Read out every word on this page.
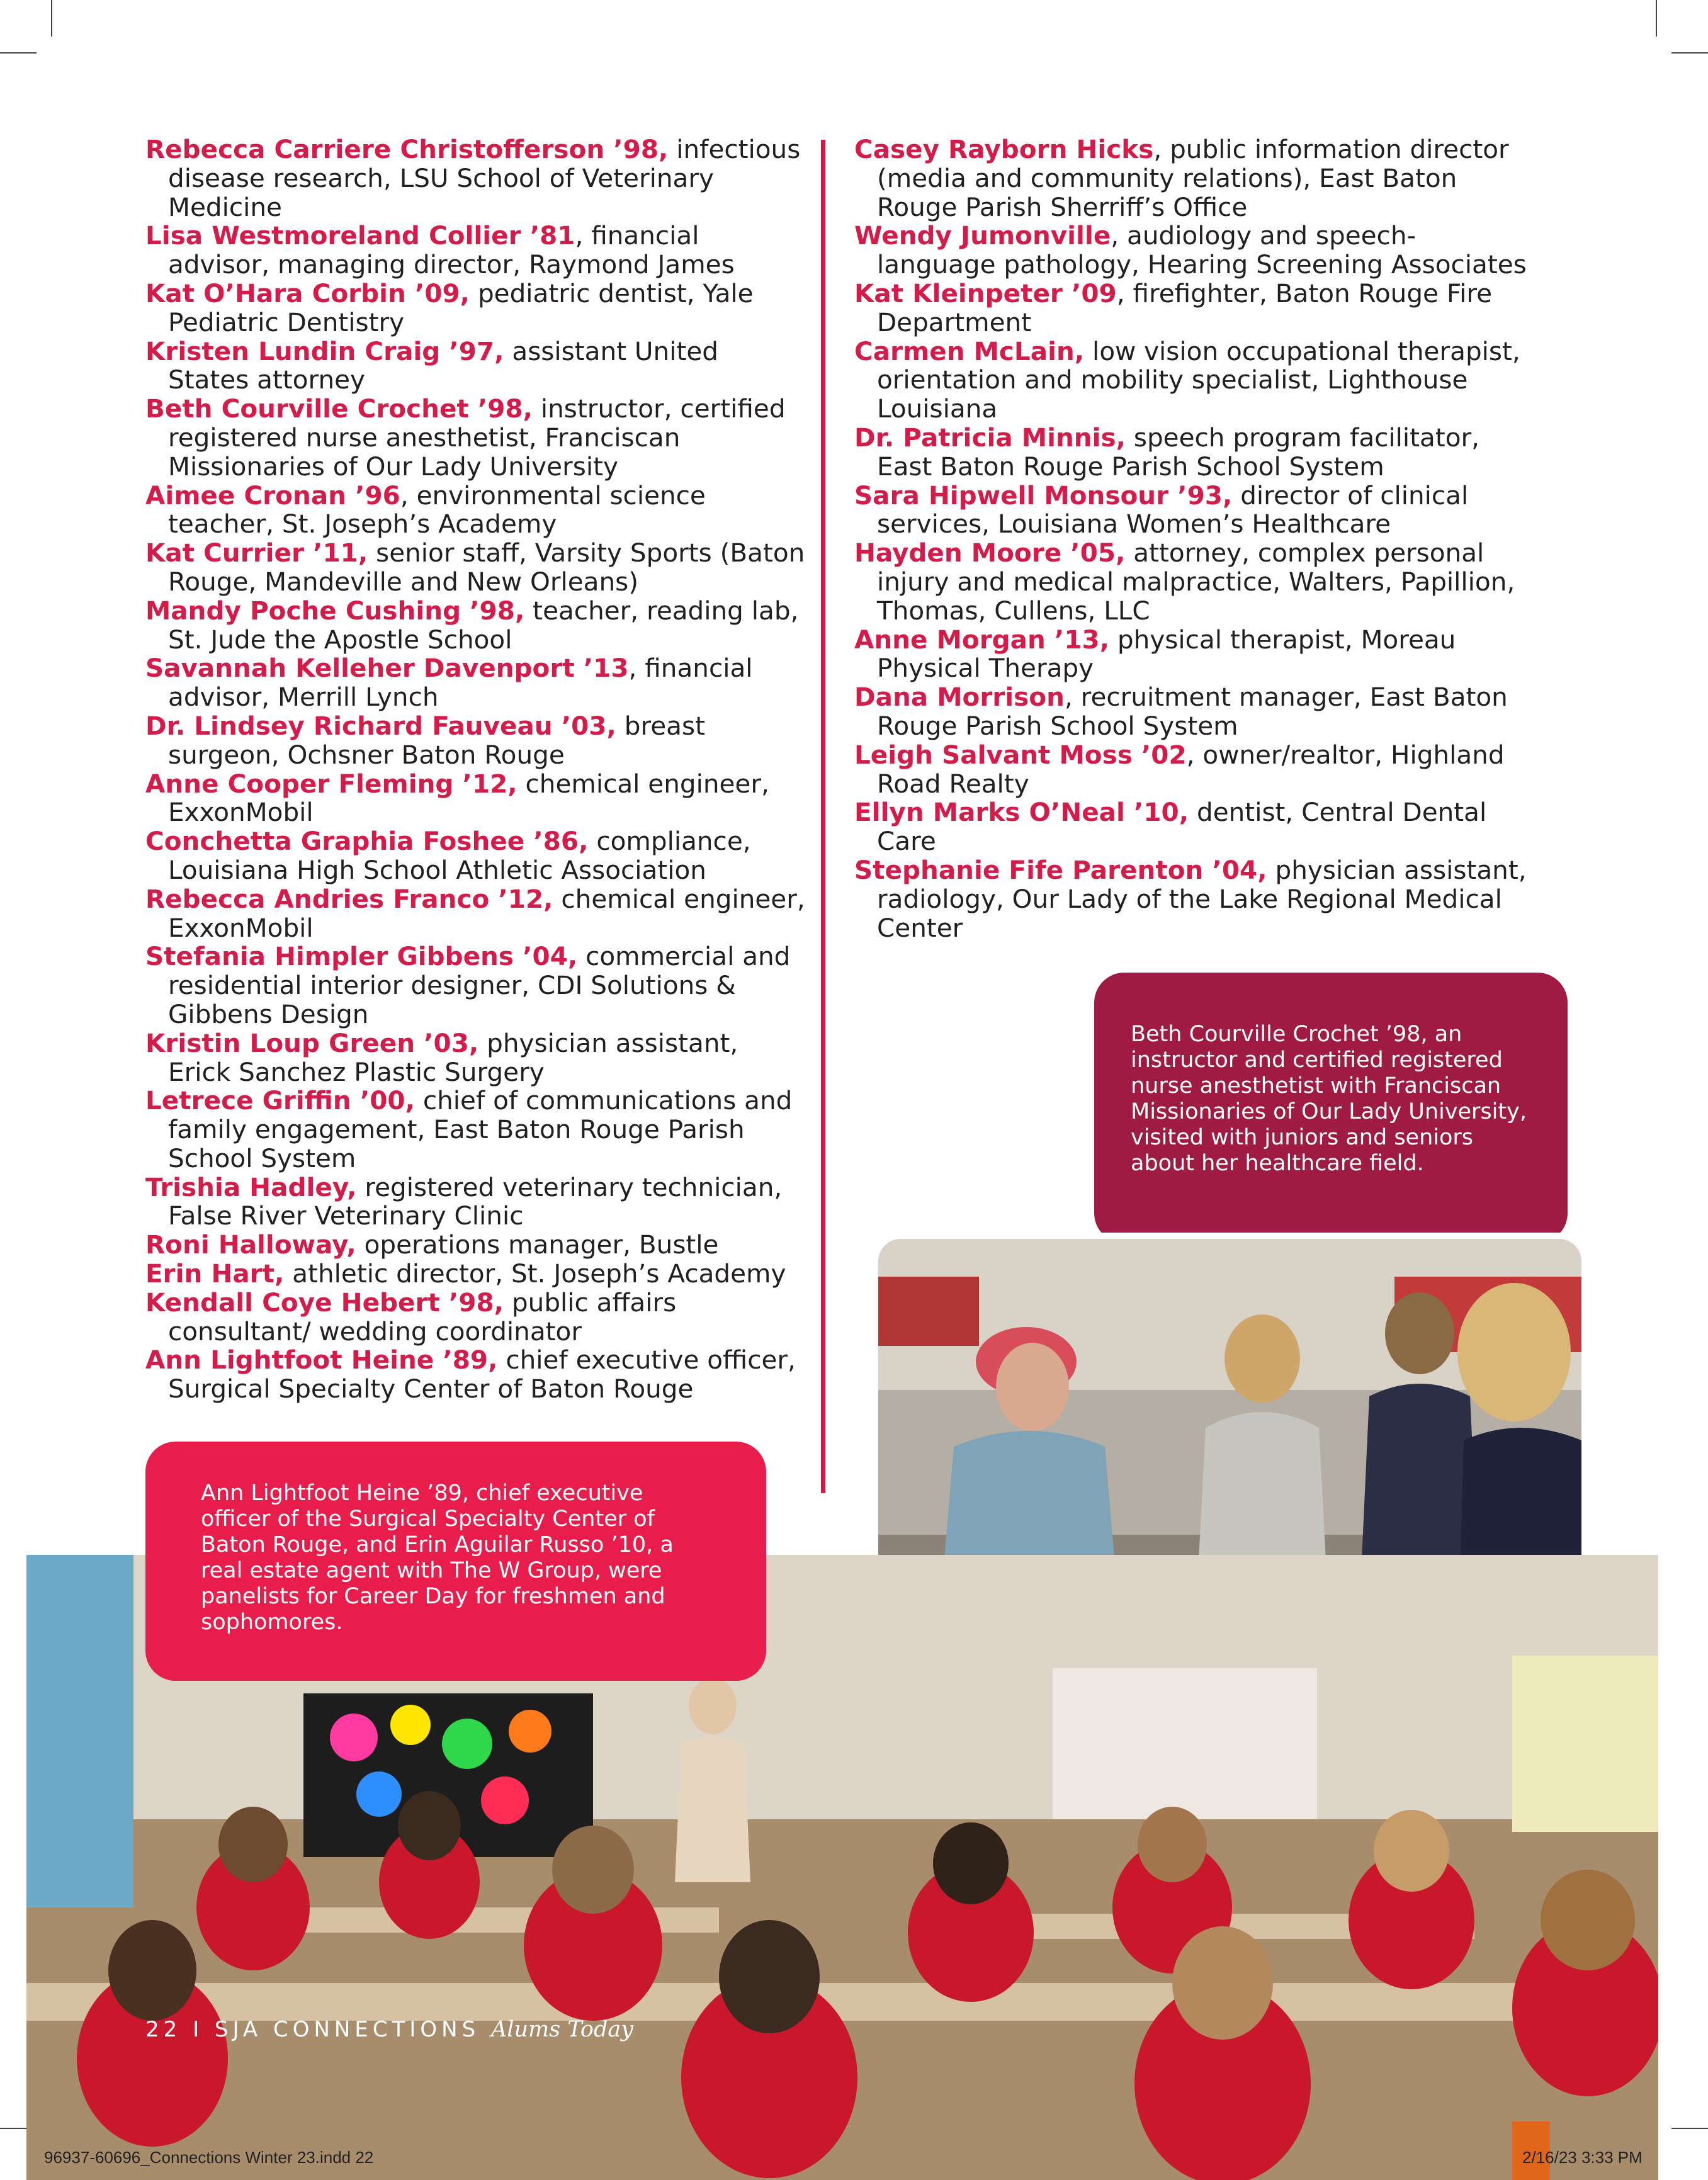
Rebecca Carriere Christofferson ’98, infectious disease research, LSU School of Veterinary Medicine
Lisa Westmoreland Collier ’81, financial advisor, managing director, Raymond James
Kat O’Hara Corbin ’09, pediatric dentist, Yale Pediatric Dentistry
Kristen Lundin Craig ’97, assistant United States attorney
Beth Courville Crochet ’98, instructor, certified registered nurse anesthetist, Franciscan Missionaries of Our Lady University
Aimee Cronan ’96, environmental science teacher, St. Joseph’s Academy
Kat Currier ’11, senior staff, Varsity Sports (Baton Rouge, Mandeville and New Orleans)
Mandy Poche Cushing ’98, teacher, reading lab, St. Jude the Apostle School
Savannah Kelleher Davenport ’13, financial advisor, Merrill Lynch
Dr. Lindsey Richard Fauveau ’03, breast surgeon, Ochsner Baton Rouge
Anne Cooper Fleming ’12, chemical engineer, ExxonMobil
Conchetta Graphia Foshee ’86, compliance, Louisiana High School Athletic Association
Rebecca Andries Franco ’12, chemical engineer, ExxonMobil
Stefania Himpler Gibbens ’04, commercial and residential interior designer, CDI Solutions & Gibbens Design
Kristin Loup Green ’03, physician assistant, Erick Sanchez Plastic Surgery
Letrece Griffin ’00, chief of communications and family engagement, East Baton Rouge Parish School System
Trishia Hadley, registered veterinary technician, False River Veterinary Clinic
Roni Halloway, operations manager, Bustle
Erin Hart, athletic director, St. Joseph’s Academy
Kendall Coye Hebert ’98, public affairs consultant/ wedding coordinator
Ann Lightfoot Heine ’89, chief executive officer, Surgical Specialty Center of Baton Rouge
Casey Rayborn Hicks, public information director (media and community relations), East Baton Rouge Parish Sherriff’s Office
Wendy Jumonville, audiology and speech-language pathology, Hearing Screening Associates
Kat Kleinpeter ’09, firefighter, Baton Rouge Fire Department
Carmen McLain, low vision occupational therapist, orientation and mobility specialist, Lighthouse Louisiana
Dr. Patricia Minnis, speech program facilitator, East Baton Rouge Parish School System
Sara Hipwell Monsour ’93, director of clinical services, Louisiana Women’s Healthcare
Hayden Moore ’05, attorney, complex personal injury and medical malpractice, Walters, Papillion, Thomas, Cullens, LLC
Anne Morgan ’13, physical therapist, Moreau Physical Therapy
Dana Morrison, recruitment manager, East Baton Rouge Parish School System
Leigh Salvant Moss ’02, owner/realtor, Highland Road Realty
Ellyn Marks O’Neal ’10, dentist, Central Dental Care
Stephanie Fife Parenton ’04, physician assistant, radiology, Our Lady of the Lake Regional Medical Center
Beth Courville Crochet ’98, an instructor and certified registered nurse anesthetist with Franciscan Missionaries of Our Lady University, visited with juniors and seniors about her healthcare field.
Ann Lightfoot Heine ’89, chief executive officer of the Surgical Specialty Center of Baton Rouge, and Erin Aguilar Russo ’10, a real estate agent with The W Group, were panelists for Career Day for freshmen and sophomores.
22 I SJA CONNECTIONS Alums Today
96937-60696_Connections Winter 23.indd 22	2/16/23 3:33 PM
